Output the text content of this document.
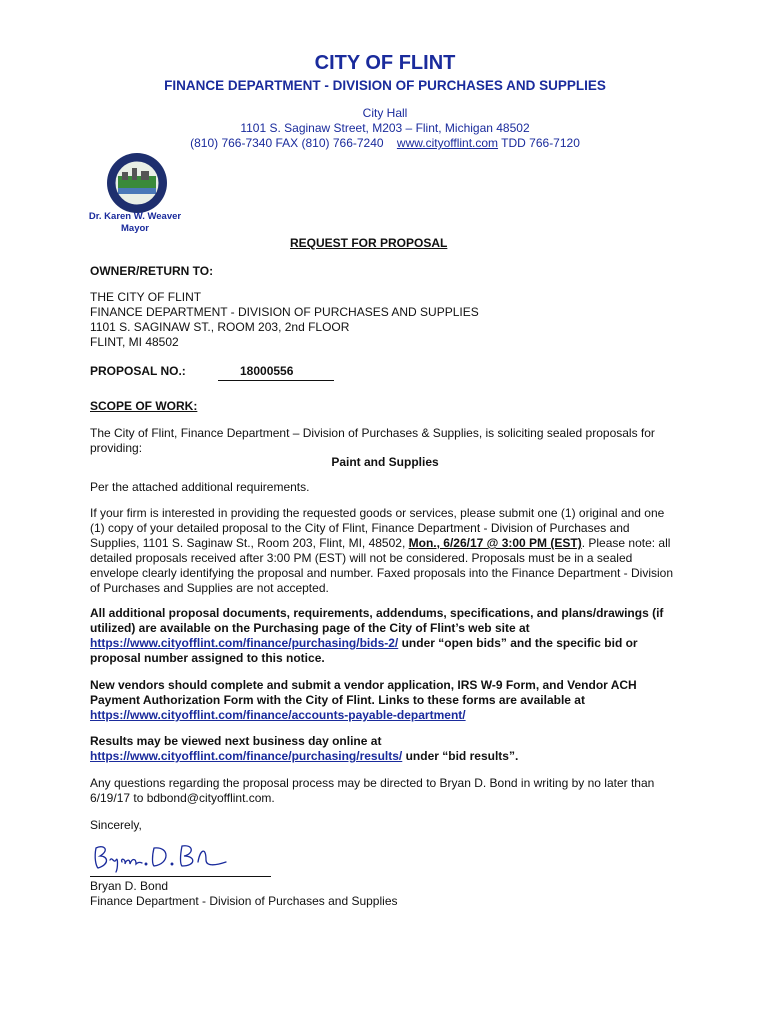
CITY OF FLINT
FINANCE DEPARTMENT - DIVISION OF PURCHASES AND SUPPLIES
City Hall
1101 S. Saginaw Street, M203 – Flint, Michigan 48502
(810) 766-7340 FAX (810) 766-7240 www.cityofflint.com TDD 766-7120
Dr. Karen W. Weaver
Mayor
REQUEST FOR PROPOSAL
OWNER/RETURN TO:
THE CITY OF FLINT
FINANCE DEPARTMENT - DIVISION OF PURCHASES AND SUPPLIES
1101 S. SAGINAW ST., ROOM 203, 2nd FLOOR
FLINT, MI 48502
PROPOSAL NO.:	18000556
SCOPE OF WORK:
The City of Flint, Finance Department – Division of Purchases & Supplies, is soliciting sealed proposals for providing:
Paint and Supplies
Per the attached additional requirements.
If your firm is interested in providing the requested goods or services, please submit one (1) original and one (1) copy of your detailed proposal to the City of Flint, Finance Department - Division of Purchases and Supplies, 1101 S. Saginaw St., Room 203, Flint, MI, 48502, Mon., 6/26/17 @ 3:00 PM (EST). Please note: all detailed proposals received after 3:00 PM (EST) will not be considered. Proposals must be in a sealed envelope clearly identifying the proposal and number. Faxed proposals into the Finance Department - Division of Purchases and Supplies are not accepted.
All additional proposal documents, requirements, addendums, specifications, and plans/drawings (if utilized) are available on the Purchasing page of the City of Flint’s web site at https://www.cityofflint.com/finance/purchasing/bids-2/ under “open bids” and the specific bid or proposal number assigned to this notice.
New vendors should complete and submit a vendor application, IRS W-9 Form, and Vendor ACH Payment Authorization Form with the City of Flint. Links to these forms are available at https://www.cityofflint.com/finance/accounts-payable-department/
Results may be viewed next business day online at https://www.cityofflint.com/finance/purchasing/results/ under “bid results”.
Any questions regarding the proposal process may be directed to Bryan D. Bond in writing by no later than 6/19/17 to bdbond@cityofflint.com.
Sincerely,
Bryan D. Bond
Finance Department - Division of Purchases and Supplies
